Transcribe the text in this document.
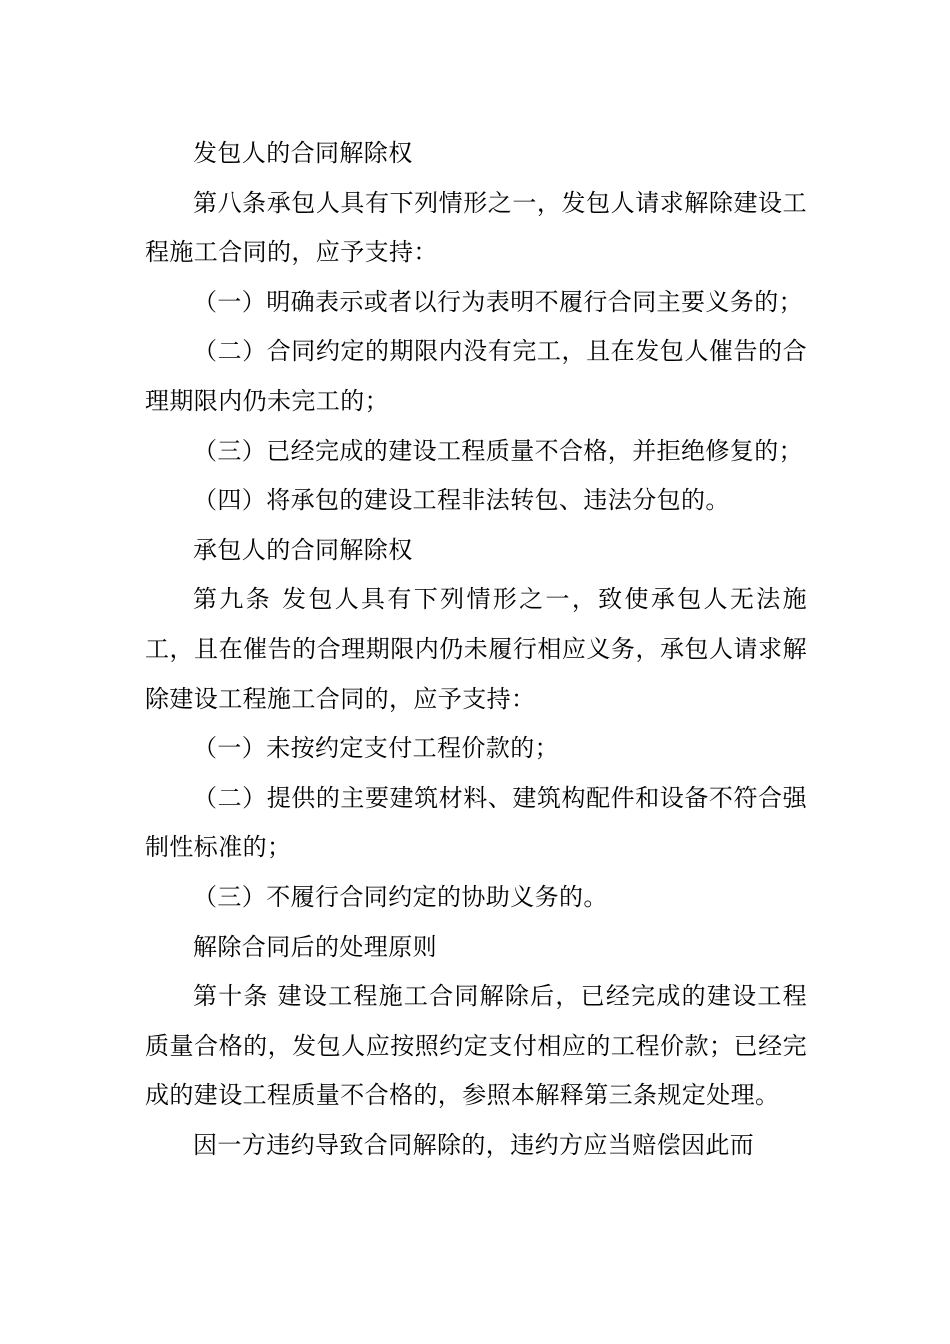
发包人的合同解除权

第八条承包人具有下列情形之一，发包人请求解除建设工程施工合同的，应予支持：

（一）明确表示或者以行为表明不履行合同主要义务的；

（二）合同约定的期限内没有完工，且在发包人催告的合理期限内仍未完工的；

（三）已经完成的建设工程质量不合格，并拒绝修复的；

（四）将承包的建设工程非法转包、违法分包的。

承包人的合同解除权

第九条 发包人具有下列情形之一，致使承包人无法施工，且在催告的合理期限内仍未履行相应义务，承包人请求解除建设工程施工合同的，应予支持：

（一）未按约定支付工程价款的；

（二）提供的主要建筑材料、建筑构配件和设备不符合强制性标准的；

（三）不履行合同约定的协助义务的。

解除合同后的处理原则

第十条 建设工程施工合同解除后，已经完成的建设工程质量合格的，发包人应按照约定支付相应的工程价款；已经完成的建设工程质量不合格的，参照本解释第三条规定处理。

因一方违约导致合同解除的，违约方应当赔偿因此而
